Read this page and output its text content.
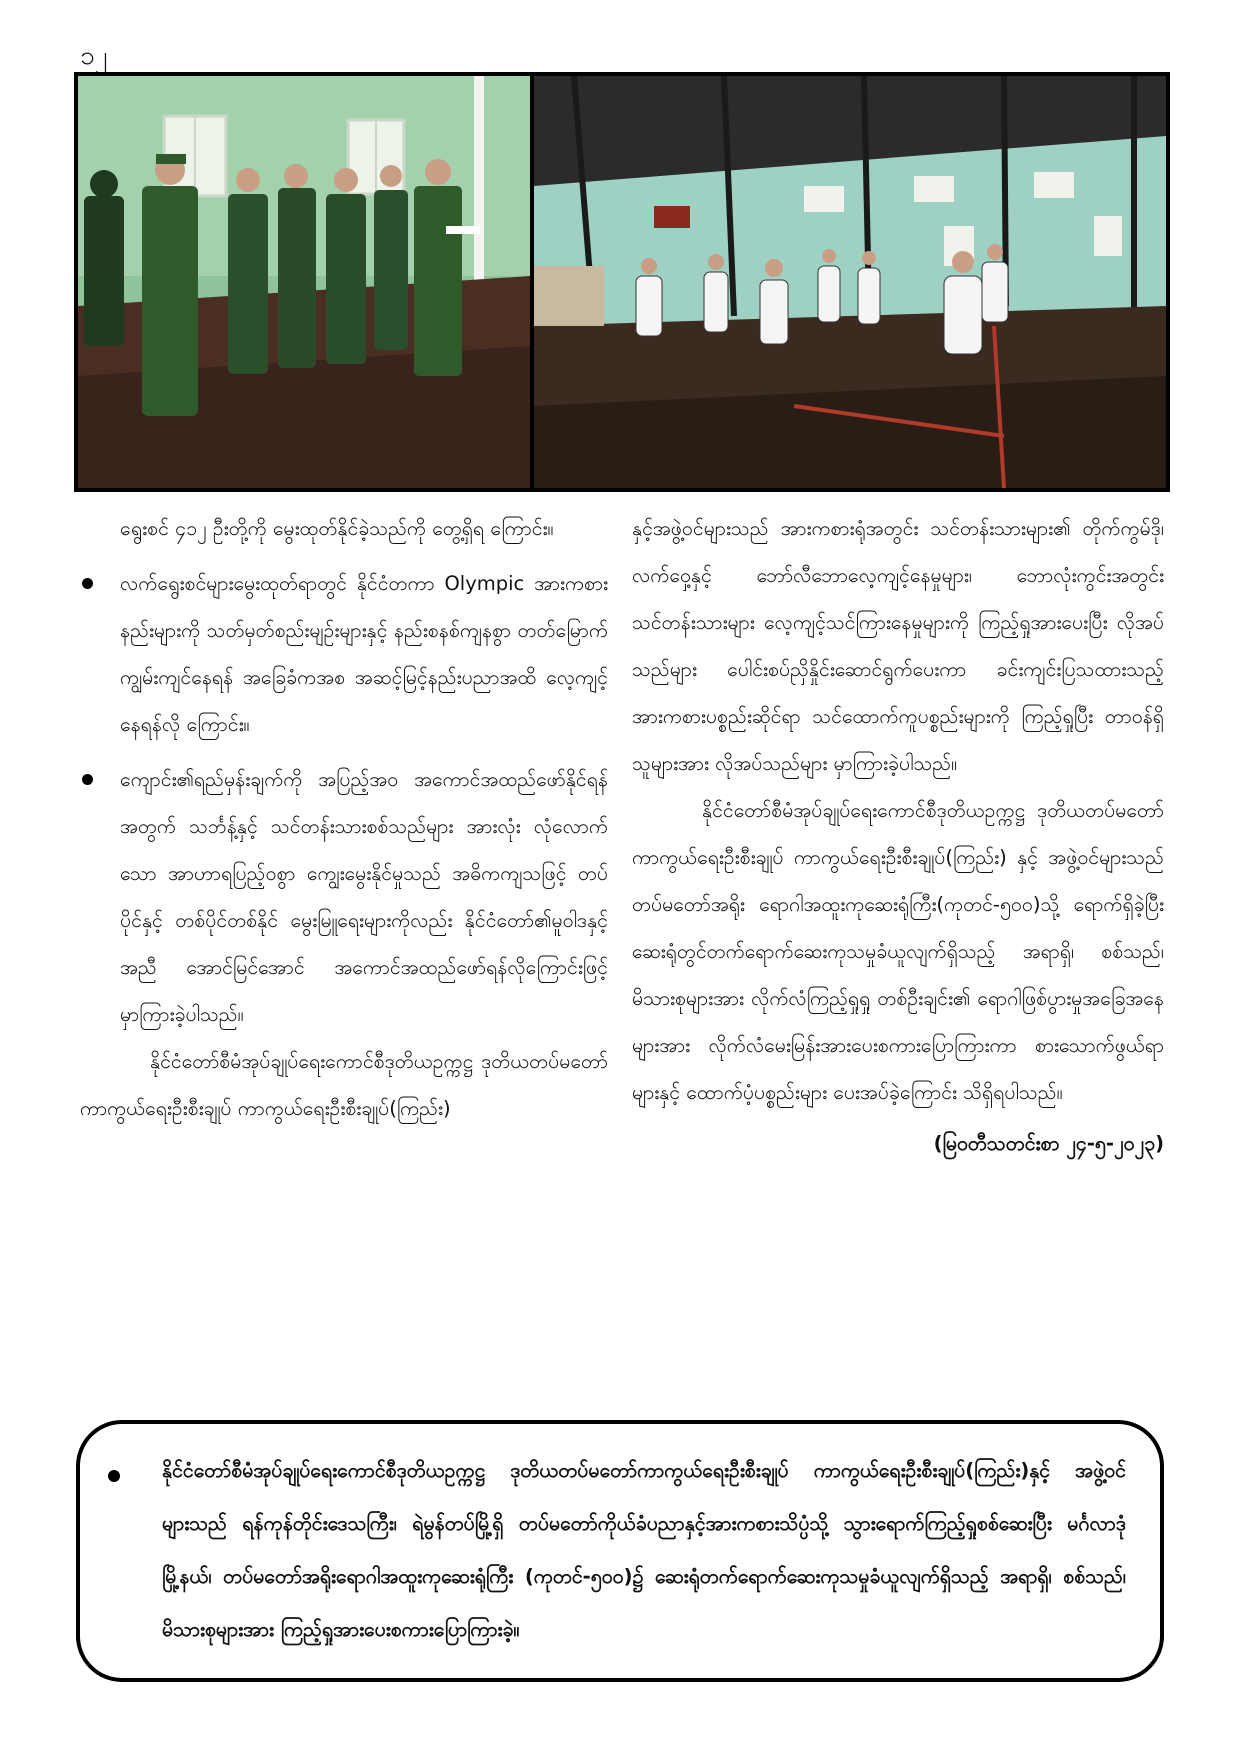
၁၂

ရွေးစင် ၄၁၂ ဦးတို့ကို မွေးထုတ်နိုင်ခဲ့သည်ကို တွေ့ရှိရ ကြောင်း။

လက်ရွေးစင်များမွေးထုတ်ရာတွင် နိုင်ငံတကာ Olympic အားကစားနည်းများကို သတ်မှတ်စည်းမျဉ်းများနှင့် နည်းစနစ်ကျနစွာ တတ်မြောက်ကျွမ်းကျင်နေရန် အခြေခံကအစ အဆင့်မြင့်နည်းပညာအထိ လေ့ကျင့်နေရန်လို ကြောင်း။

ကျောင်း၏ရည်မှန်းချက်ကို အပြည့်အဝ အကောင်အထည်ဖော်နိုင်ရန်အတွက် သင်္ဘန့်နှင့် သင်တန်းသားစစ်သည်များ အားလုံး လုံလောက်သော အာဟာရပြည့်ဝစွာ ကျွေးမွေးနိုင်မှုသည် အဓိကကျသဖြင့် တပ်ပိုင်နှင့် တစ်ပိုင်တစ်နိုင် မွေးမြူရေးများကိုလည်း နိုင်ငံတော်၏မူဝါဒနှင့်အညီ အောင်မြင်အောင် အကောင်အထည်ဖော်ရန်လိုကြောင်းဖြင့် မှာကြားခဲ့ပါသည်။

နိုင်ငံတော်စီမံအုပ်ချုပ်ရေးကောင်စီဒုတိယဥက္ကဋ္ဌ ဒုတိယတပ်မတော်ကာကွယ်ရေးဦးစီးချုပ် ကာကွယ်ရေးဦးစီးချုပ်(ကြည်း)

နှင့်အဖွဲ့ဝင်များသည် အားကစားရုံအတွင်း သင်တန်းသားများ၏ တိုက်ကွမ်ဒို၊ လက်ဝှေ့နှင့် ဘော်လီဘောလေ့ကျင့်နေမှုများ၊ ဘောလုံးကွင်းအတွင်း သင်တန်းသားများ လေ့ကျင့်သင်ကြားနေမှုများကို ကြည့်ရှုအားပေးပြီး လိုအပ်သည်များ ပေါင်းစပ်ညှိနှိုင်းဆောင်ရွက်ပေးကာ ခင်းကျင်းပြသထားသည့် အားကစားပစ္စည်းဆိုင်ရာ သင်ထောက်ကူပစ္စည်းများကို ကြည့်ရှုပြီး တာဝန်ရှိသူများအား လိုအပ်သည်များ မှာကြားခဲ့ပါသည်။

နိုင်ငံတော်စီမံအုပ်ချုပ်ရေးကောင်စီဒုတိယဥက္ကဋ္ဌ ဒုတိယတပ်မတော်ကာကွယ်ရေးဦးစီးချုပ် ကာကွယ်ရေးဦးစီးချုပ်(ကြည်း) နှင့် အဖွဲ့ဝင်များသည် တပ်မတော်အရိုး ရောဂါအထူးကုဆေးရုံကြီး(ကုတင်-၅၀၀)သို့ ရောက်ရှိခဲ့ပြီး ဆေးရုံတွင်တက်ရောက်ဆေးကုသမှုခံယူလျက်ရှိသည့် အရာရှိ၊ စစ်သည်၊ မိသားစုများအား လိုက်လံကြည့်ရှုရှု တစ်ဦးချင်း၏ ရောဂါဖြစ်ပွားမှုအခြေအနေများအား လိုက်လံမေးမြန်းအားပေးစကားပြောကြားကာ စားသောက်ဖွယ်ရာများနှင့် ထောက်ပံ့ပစ္စည်းများ ပေးအပ်ခဲ့ကြောင်း သိရှိရပါသည်။

(မြဝတီသတင်းစာ ၂၄-၅-၂၀၂၃)

နိုင်ငံတော်စီမံအုပ်ချုပ်ရေးကောင်စီဒုတိယဥက္ကဋ္ဌ ဒုတိယတပ်မတော်ကာကွယ်ရေးဦးစီးချုပ် ကာကွယ်ရေးဦးစီးချုပ်(ကြည်း)နှင့် အဖွဲ့ဝင်များသည် ရန်ကုန်တိုင်းဒေသကြီး၊ ရဲမွန်တပ်မြို့ရှိ တပ်မတော်ကိုယ်ခံပညာနှင့်အားကစားသိပ္ပံသို့ သွားရောက်ကြည့်ရှုစစ်ဆေးပြီး မင်္ဂလာဒုံမြို့နယ်၊ တပ်မတော်အရိုးရောဂါအထူးကုဆေးရုံကြီး (ကုတင်-၅၀၀)၌ ဆေးရုံတက်ရောက်ဆေးကုသမှုခံယူလျက်ရှိသည့် အရာရှိ၊ စစ်သည်၊ မိသားစုများအား ကြည့်ရှုအားပေးစကားပြောကြားခဲ့။
